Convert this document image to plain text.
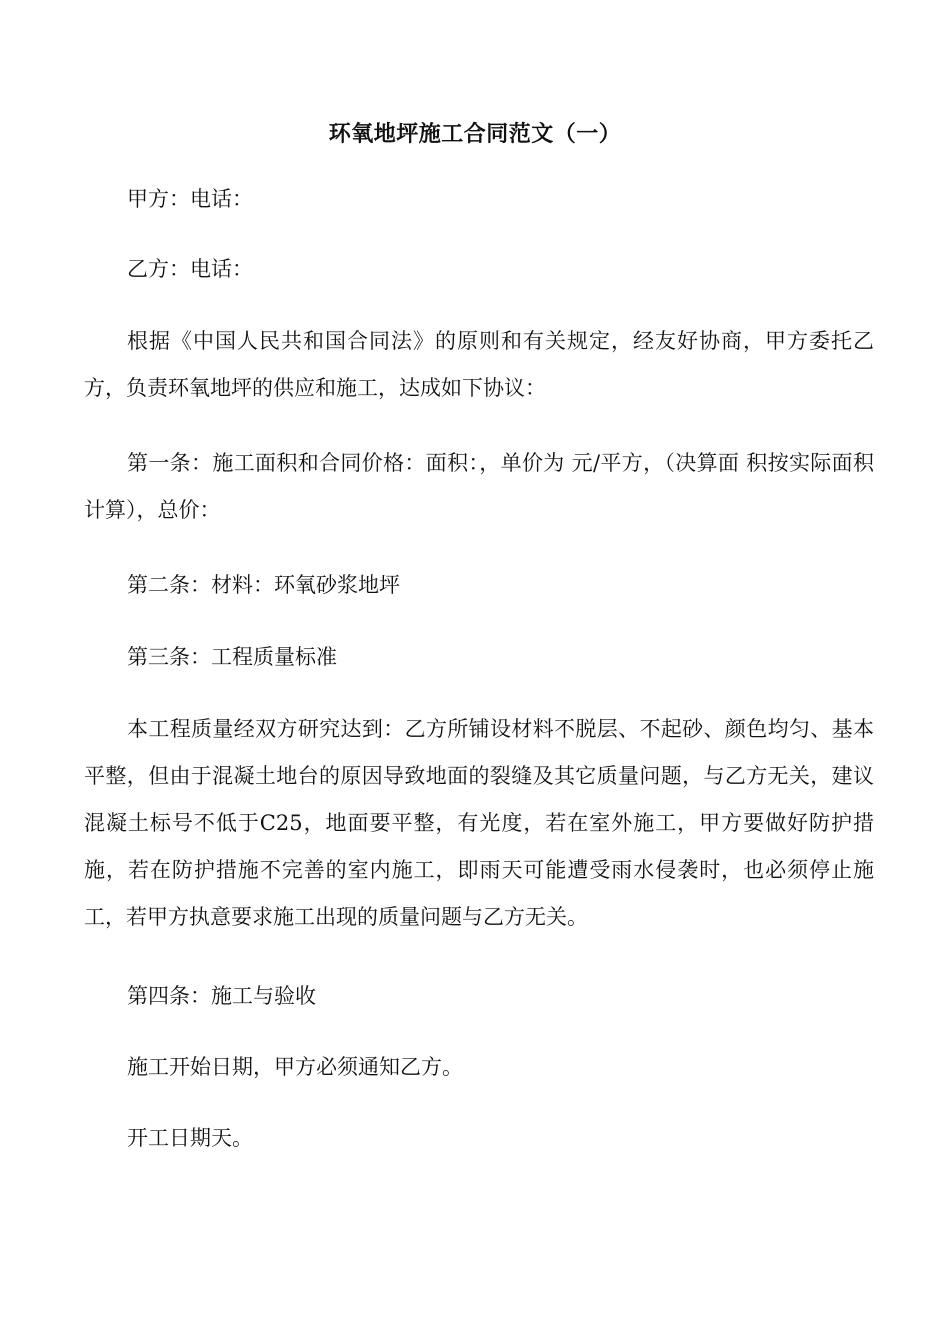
环氧地坪施工合同范文（一）

甲方：电话：

乙方：电话：

根据《中国人民共和国合同法》的原则和有关规定，经友好协商，甲方委托乙方，负责环氧地坪的供应和施工，达成如下协议：

第一条：施工面积和合同价格：面积：，单价为 元/平方，（决算面 积按实际面积计算），总价：

第二条：材料：环氧砂浆地坪

第三条：工程质量标准

本工程质量经双方研究达到：乙方所铺设材料不脱层、不起砂、颜色均匀、基本平整，但由于混凝土地台的原因导致地面的裂缝及其它质量问题，与乙方无关，建议混凝土标号不低于C25，地面要平整，有光度，若在室外施工，甲方要做好防护措施，若在防护措施不完善的室内施工，即雨天可能遭受雨水侵袭时，也必须停止施工，若甲方执意要求施工出现的质量问题与乙方无关。

第四条：施工与验收

施工开始日期，甲方必须通知乙方。

开工日期天。
